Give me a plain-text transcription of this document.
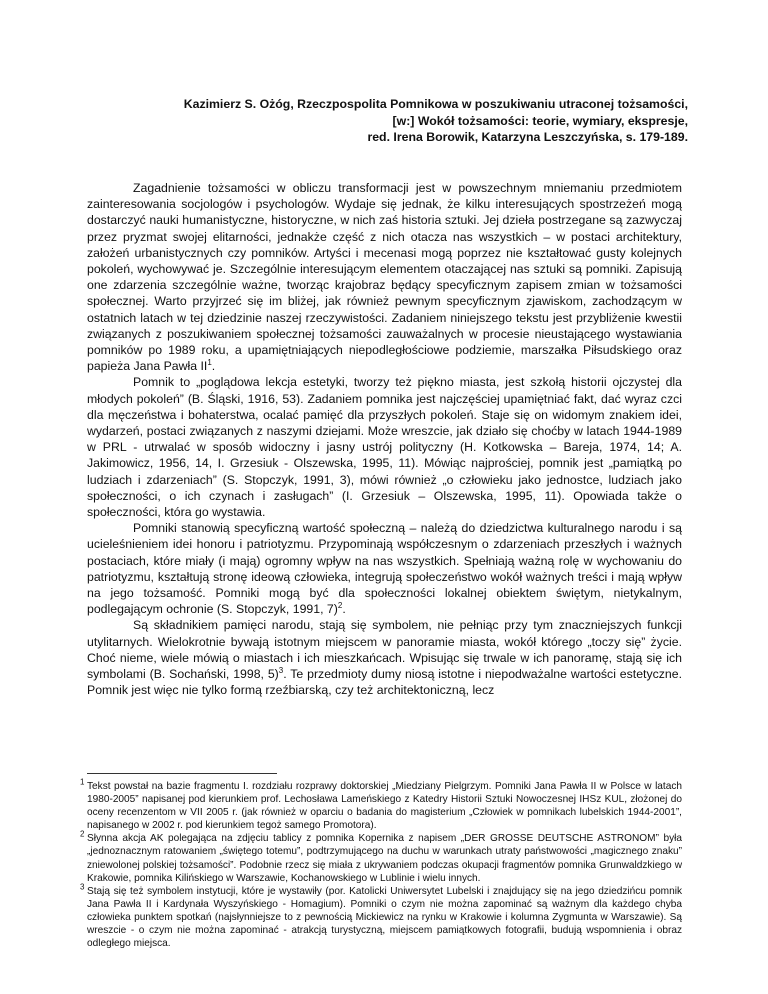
Kazimierz S. Ożóg, Rzeczpospolita Pomnikowa w poszukiwaniu utraconej tożsamości,
[w:] Wokół tożsamości: teorie, wymiary, ekspresje,
red. Irena Borowik, Katarzyna Leszczyńska, s. 179-189.

Zagadnienie tożsamości w obliczu transformacji jest w powszechnym mniemaniu przedmiotem zainteresowania socjologów i psychologów. Wydaje się jednak, że kilku interesujących spostrzeżeń mogą dostarczyć nauki humanistyczne, historyczne, w nich zaś historia sztuki. Jej dzieła postrzegane są zazwyczaj przez pryzmat swojej elitarności, jednakże część z nich otacza nas wszystkich – w postaci architektury, założeń urbanistycznych czy pomników. Artyści i mecenasi mogą poprzez nie kształtować gusty kolejnych pokoleń, wychowywać je. Szczególnie interesującym elementem otaczającej nas sztuki są pomniki. Zapisują one zdarzenia szczególnie ważne, tworząc krajobraz będący specyficznym zapisem zmian w tożsamości społecznej. Warto przyjrzeć się im bliżej, jak również pewnym specyficznym zjawiskom, zachodzącym w ostatnich latach w tej dziedzinie naszej rzeczywistości. Zadaniem niniejszego tekstu jest przybliżenie kwestii związanych z poszukiwaniem społecznej tożsamości zauważalnych w procesie nieustającego wystawiania pomników po 1989 roku, a upamiętniających niepodległościowe podziemie, marszałka Piłsudskiego oraz papieża Jana Pawła $II^1$.

Pomnik to „poglądowa lekcja estetyki, tworzy też piękno miasta, jest szkołą historii ojczystej dla młodych pokoleń” (B. Śląski, 1916, 53). Zadaniem pomnika jest najczęściej upamiętniać fakt, dać wyraz czci dla męczeństwa i bohaterstwa, ocalać pamięć dla przyszłych pokoleń. Staje się on widomym znakiem idei, wydarzeń, postaci związanych z naszymi dziejami. Może wreszcie, jak działo się choćby w latach 1944-1989 w PRL - utrwalać w sposób widoczny i jasny ustrój polityczny (H. Kotkowska – Bareja, 1974, 14; A. Jakimowicz, 1956, 14, I. Grzesiuk - Olszewska, 1995, 11). Mówiąc najprościej, pomnik jest „pamiątką po ludziach i zdarzeniach” (S. Stopczyk, 1991, 3), mówi również „o człowieku jako jednostce, ludziach jako społeczności, o ich czynach i zasługach” (I. Grzesiuk – Olszewska, 1995, 11). Opowiada także o społeczności, która go wystawia.

Pomniki stanowią specyficzną wartość społeczną – należą do dziedzictwa kulturalnego narodu i są ucieleśnieniem idei honoru i patriotyzmu. Przypominają współczesnym o zdarzeniach przeszłych i ważnych postaciach, które miały (i mają) ogromny wpływ na nas wszystkich. Spełniają ważną rolę w wychowaniu do patriotyzmu, kształtują stronę ideową człowieka, integrują społeczeństwo wokół ważnych treści i mają wpływ na jego tożsamość. Pomniki mogą być dla społeczności lokalnej obiektem świętym, nietykalnym, podlegającym ochronie (S. Stopczyk, 1991, 7)$^2$.

Są składnikiem pamięci narodu, stają się symbolem, nie pełniąc przy tym znaczniejszych funkcji utylitarnych. Wielokrotnie bywają istotnym miejscem w panoramie miasta, wokół którego „toczy się” życie. Choć nieme, wiele mówią o miastach i ich mieszkańcach. Wpisując się trwale w ich panoramę, stają się ich symbolami (B. Sochański, 1998, 5)$^3$. Te przedmioty dumy niosą istotne i niepodważalne wartości estetyczne. Pomnik jest więc nie tylko formą rzeźbiarską, czy też architektoniczną, lecz

$^1$ Tekst powstał na bazie fragmentu I. rozdziału rozprawy doktorskiej „Miedziany Pielgrzym. Pomniki Jana Pawła II w Polsce w latach 1980-2005” napisanej pod kierunkiem prof. Lechosława Lameńskiego z Katedry Historii Sztuki Nowoczesnej IHSz KUL, złożonej do oceny recenzentom w VII 2005 r. (jak również w oparciu o badania do magisterium „Człowiek w pomnikach lubelskich 1944-2001”, napisanego w 2002 r. pod kierunkiem tegoż samego Promotora).

$^2$ Słynna akcja AK polegająca na zdjęciu tablicy z pomnika Kopernika z napisem „DER GROSSE DEUTSCHE ASTRONOM” była „jednoznacznym ratowaniem „świętego totemu”, podtrzymującego na duchu w warunkach utraty państwowości „magicznego znaku” zniewolonej polskiej tożsamości”. Podobnie rzecz się miała z ukrywaniem podczas okupacji fragmentów pomnika Grunwaldzkiego w Krakowie, pomnika Kilińskiego w Warszawie, Kochanowskiego w Lublinie i wielu innych.

$^3$ Stają się też symbolem instytucji, które je wystawiły (por. Katolicki Uniwersytet Lubelski i znajdujący się na jego dziedzińcu pomnik Jana Pawła II i Kardynała Wyszyńskiego - Homagium). Pomniki o czym nie można zapominać są ważnym dla każdego chyba człowieka punktem spotkań (najsłynniejsze to z pewnością Mickiewicz na rynku w Krakowie i kolumna Zygmunta w Warszawie). Są wreszcie - o czym nie można zapominać - atrakcją turystyczną, miejscem pamiątkowych fotografii, budują wspomnienia i obraz odległego miejsca.
